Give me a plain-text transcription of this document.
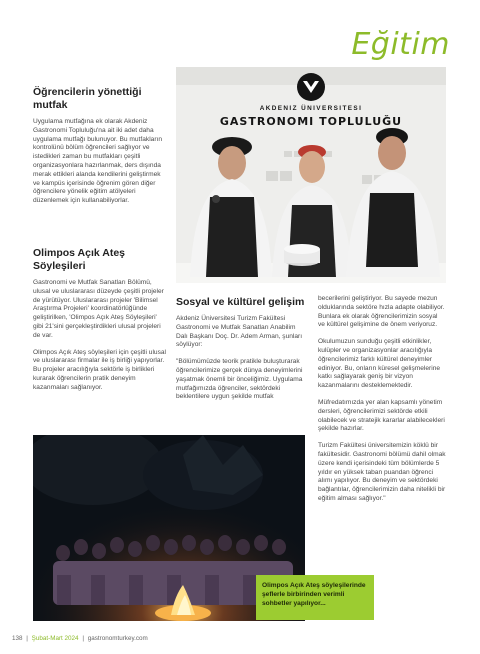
Eğitim

Öğrencilerin yönettiği mutfak

Uygulama mutfağına ek olarak Akdeniz Gastronomi Topluluğu'na ait iki adet daha uygulama mutfağı bulunuyor. Bu mutfakların kontrolünü bölüm öğrencileri sağlıyor ve istedikleri zaman bu mutfakları çeşitli organizasyonlara hazırlanmak, ders dışında merak ettikleri alanda kendilerini geliştirmek ve kampüs içerisinde öğrenim gören diğer öğrencilere yönelik eğitim atölyeleri düzenlemek için kullanabiliyorlar.

Olimpos Açık Ateş Söyleşileri

Gastronomi ve Mutfak Sanatları Bölümü, ulusal ve uluslararası düzeyde çeşitli projeler de yürütüyor. Uluslararası projeler 'Bilimsel Araştırma Projeleri' koordinatörlüğünde geliştirilken, 'Olimpos Açık Ateş Söyleşileri' gibi 21'sini gerçekleştirdikleri ulusal projeleri de var.

Olimpos Açık Ateş söyleşileri için çeşitli ulusal ve uluslararası firmalar ile iş birliği yapıyorlar. Bu projeler aracılığıyla sektörle iş birlikleri kurarak öğrencilerin pratik deneyim kazanmaları sağlanıyor.

AKDENIZ ÜNIVERSITESI
GASTRONOMI TOPLULUĞU

Sosyal ve kültürel gelişim

Akdeniz Üniversitesi Turizm Fakültesi Gastronomi ve Mutfak Sanatları Anabilim Dalı Başkanı Doç. Dr. Adem Arman, şunları söylüyor:

"Bölümümüzde teorik pratikle buluşturarak öğrencilerimize gerçek dünya deneyimlerini yaşatmak önemli bir önceliğimiz. Uygulama mutfağımızda öğrenciler, sektördeki beklentilere uygun şekilde mutfak

becerilerini geliştiriyor. Bu sayede mezun olduklarında sektöre hızla adapte olabiliyor. Bunlara ek olarak öğrencilerimizin sosyal ve kültürel gelişimine de önem veriyoruz.

Okulumuzun sunduğu çeşitli etkinlikler, kulüpler ve organizasyonlar aracılığıyla öğrencilerimiz farklı kültürel deneyimler ediniyor. Bu, onların küresel gelişmelerine katkı sağlayarak geniş bir vizyon kazanmalarını desteklemektedir.

Müfredatımızda yer alan kapsamlı yönetim dersleri, öğrencilerimizi sektörde etkili olabilecek ve stratejik kararlar alabilecekleri şekilde hazırlar.

Turizm Fakültesi üniversitemizin köklü bir fakültesidir. Gastronomi bölümü dahil olmak üzere kendi içerisindeki tüm bölümlerde 5 yıldır en yüksek taban puandan öğrenci alımı yapılıyor. Bu deneyim ve sektördeki bağlantılar, öğrencilerimizin daha nitelikli bir eğitim alması sağlıyor."

Olimpos Açık Ateş söyleşilerinde şeflerle birbirinden verimli sohbetler yapılıyor...
138 | Şubat-Mart 2024 | gastronomturkey.com
